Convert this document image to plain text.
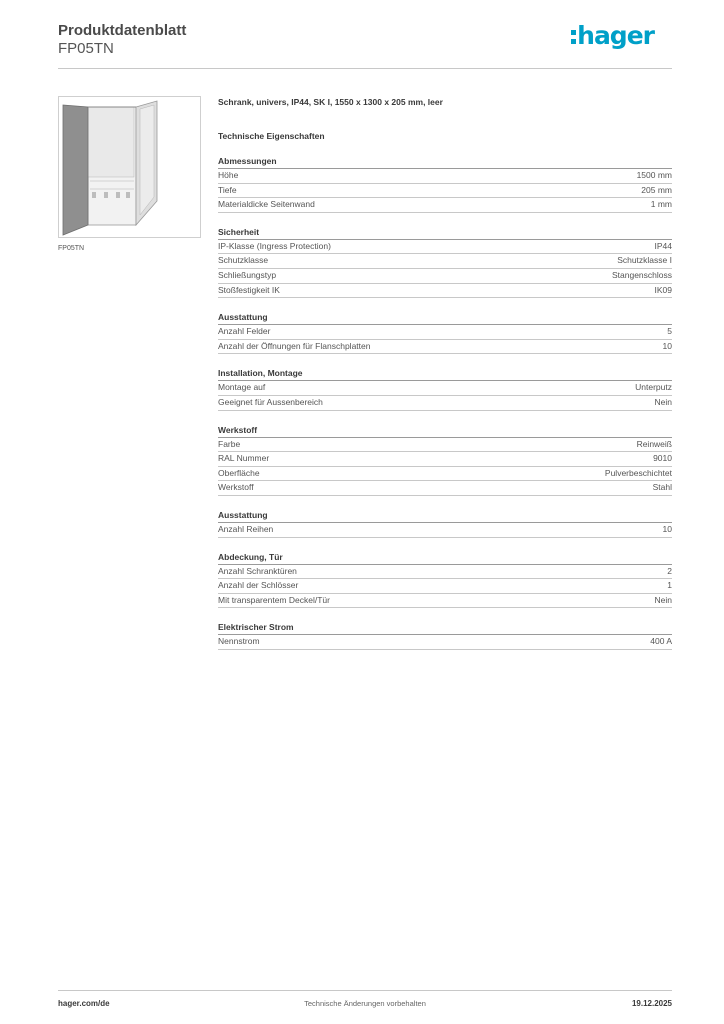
Produktdatenblatt
FP05TN	hager
FP05TN
Schrank, univers, IP44, SK I, 1550 x 1300 x 205 mm, leer
Technische Eigenschaften
Abmessungen
Höhe	1500 mm
Tiefe	205 mm
Materialdicke Seitenwand	1 mm
Sicherheit
IP-Klasse (Ingress Protection)	IP44
Schutzklasse	Schutzklasse I
Schließungstyp	Stangenschloss
Stoßfestigkeit IK	IK09
Ausstattung
Anzahl Felder	5
Anzahl der Öffnungen für Flanschplatten	10
Installation, Montage
Montage auf	Unterputz
Geeignet für Aussenbereich	Nein
Werkstoff
Farbe	Reinweiß
RAL Nummer	9010
Oberfläche	Pulverbeschichtet
Werkstoff	Stahl
Ausstattung
Anzahl Reihen	10
Abdeckung, Tür
Anzahl Schranktüren	2
Anzahl der Schlösser	1
Mit transparentem Deckel/Tür	Nein
Elektrischer Strom
Nennstrom	400 A
hager.com/de	Technische Änderungen vorbehalten	19.12.2025
